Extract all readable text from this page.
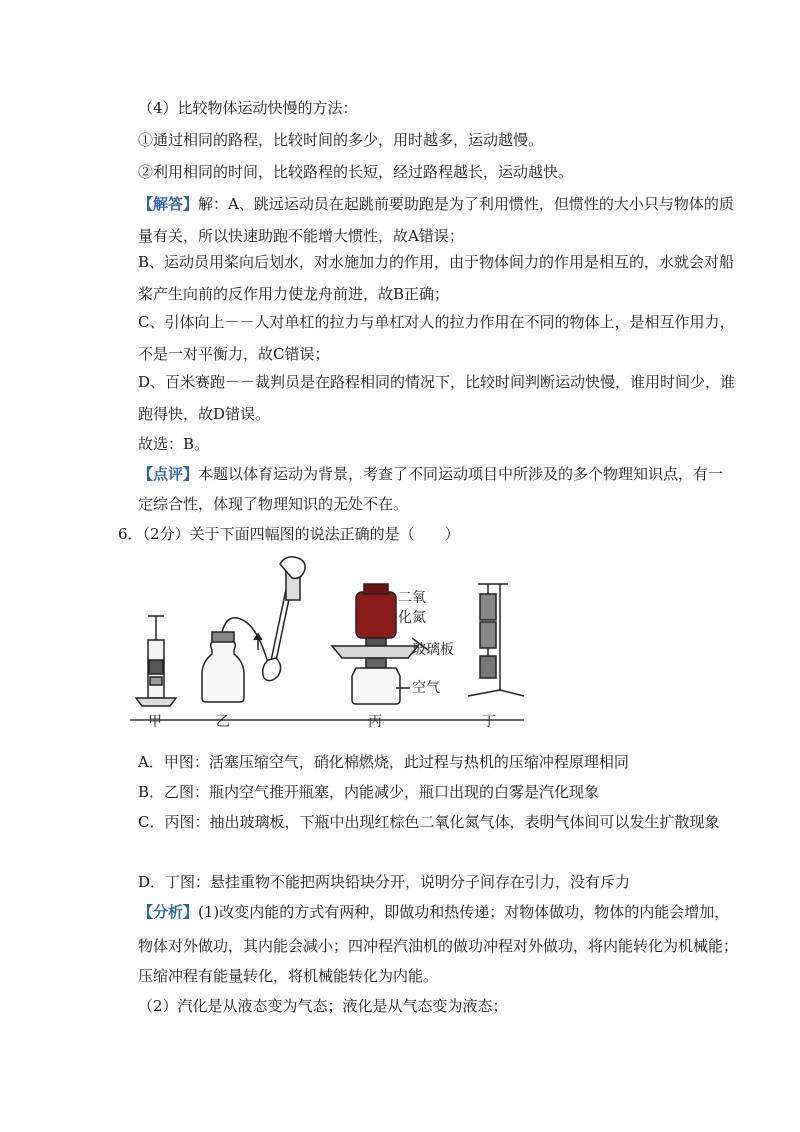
（4）比较物体运动快慢的方法：
①通过相同的路程，比较时间的多少，用时越多，运动越慢。
②利用相同的时间，比较路程的长短，经过路程越长，运动越快。
【解答】解：A、跳远运动员在起跳前要助跑是为了利用惯性，但惯性的大小只与物体的质
量有关，所以快速助跑不能增大惯性，故A错误；
B、运动员用桨向后划水，对水施加力的作用，由于物体间力的作用是相互的，水就会对船
桨产生向前的反作用力使龙舟前进，故B正确；
C、引体向上－－人对单杠的拉力与单杠对人的拉力作用在不同的物体上，是相互作用力，
不是一对平衡力，故C错误；
D、百米赛跑－－裁判员是在路程相同的情况下，比较时间判断运动快慢，谁用时间少，谁
跑得快，故D错误。
故选：B。
【点评】本题以体育运动为背景，考查了不同运动项目中所涉及的多个物理知识点，有一
定综合性，体现了物理知识的无处不在。
6．（2分）关于下面四幅图的说法正确的是（　　）
甲	乙
二氧
化氮
玻璃板
空气
丙	丁
A．甲图：活塞压缩空气，硝化棉燃烧，此过程与热机的压缩冲程原理相同
B．乙图：瓶内空气推开瓶塞，内能减少，瓶口出现的白雾是汽化现象
C．丙图：抽出玻璃板，下瓶中出现红棕色二氧化氮气体，表明气体间可以发生扩散现象
D．丁图：悬挂重物不能把两块铅块分开，说明分子间存在引力，没有斥力
【分析】(1)改变内能的方式有两种，即做功和热传递；对物体做功，物体的内能会增加，
物体对外做功，其内能会减小；四冲程汽油机的做功冲程对外做功，将内能转化为机械能；
压缩冲程有能量转化，将机械能转化为内能。
（2）汽化是从液态变为气态；液化是从气态变为液态；
